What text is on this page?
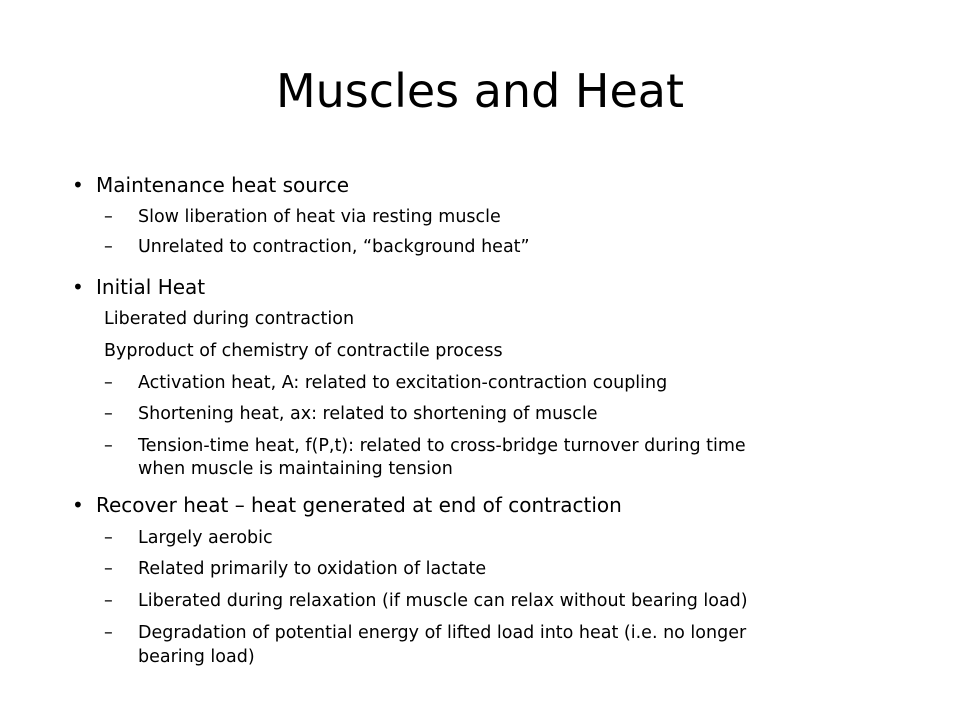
Muscles and Heat
• Maintenance heat source
– Slow liberation of heat via resting muscle
– Unrelated to contraction, “background heat”
• Initial Heat
Liberated during contraction
Byproduct of chemistry of contractile process
– Activation heat, A: related to excitation-contraction coupling
– Shortening heat, ax: related to shortening of muscle
– Tension-time heat, f(P,t): related to cross-bridge turnover during time
when muscle is maintaining tension
• Recover heat – heat generated at end of contraction
– Largely aerobic
– Related primarily to oxidation of lactate
– Liberated during relaxation (if muscle can relax without bearing load)
– Degradation of potential energy of lifted load into heat (i.e. no longer
bearing load)
